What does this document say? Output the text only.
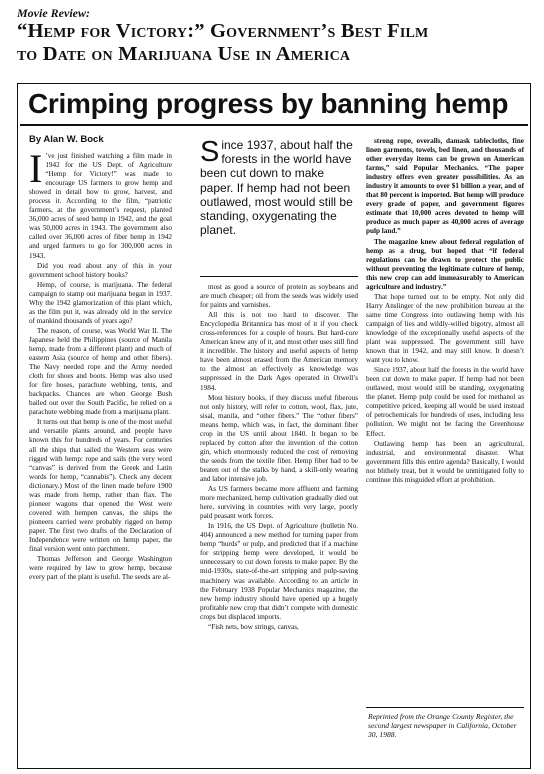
Movie Review:
“Hemp for Victory:” Government’s Best Film
to Date on Marijuana Use in America
Crimping progress by banning hemp
By Alan W. Bock

I ’ve just finished watching a film made in 1942 for the US Dept. of Agriculture “Hemp for Victory!” was made to encourage US farmers to grow hemp and showed in detail how to grow, harvest, and process it. According to the film, “patriotic farmers, at the government’s request, planted 36,000 acres of seed hemp in 1942, and the goal was 50,000 acres in 1943. The government also called over 36,000 acres of fiber hemp in 1942 and urged farmers to go for 300,000 acres in 1943.

Did you read about any of this in your government school history books?

Hemp, of course, is marijuana. The federal campaign to stamp out marijuana began in 1937. Why the 1942 glamorization of this plant which, as the film put it, was already old in the service of mankind thousands of years ago?

The reason, of course, was World War II. The Japanese held the Philippines (source of Manila hemp, made from a different plant) and much of eastern Asia (source of hemp and other fibers). The Navy needed rope and the Army needed cloth for shoes and boots. Hemp was also used for fire hoses, parachute webbing, tents, and backpacks. Chances are when George Bush bailed out over the South Pacific, he relied on a parachute webbing made from a marijuana plant.

It turns out that hemp is one of the most useful and versatile plants around, and people have known this for hundreds of years. For centuries all the ships that sailed the Western seas were rigged with hemp: rope and sails (the very word “canvas” is derived from the Greek and Latin words for hemp, “cannabis”). Check any decent dictionary.) Most of the linen made before 1900 was made from hemp, rather than flax. The pioneer wagons that opened the West were covered with hempen canvas, the ships the pioneers carried were probably rigged on hemp paper. The first two drafts of the Declaration of Independence were written on hemp paper, the final version went onto parchment.

Thomas Jefferson and George Washington were required by law to grow hemp, because every part of the plant is useful. The seeds are al-

Since 1937, about half the forests in the world have been cut down to make paper. If hemp had not been outlawed, most would still be standing, oxygenating the planet.

most as good a source of protein as soybeans and are much cheaper; oil from the seeds was widely used for paints and varnishes.

All this is not too hard to discover. The Encyclopedia Britannica has most of it if you check cross-references for a couple of hours. But hard-core American knew any of it, and most other uses still find it incredible. The history and useful aspects of hemp have been almost erased from the American memory to the almost an effectively as knowledge was suppressed in the Dark Ages operated in Orwell’s 1984.

Most history books, if they discuss useful fiberous not only history, will refer to cotton, wool, flax, jute, sisal, manila, and “other fibers.” The “other fibers” means hemp, which was, in fact, the dominant fiber crop in the US until about 1840. It began to be replaced by cotton after the invention of the cotton gin, which enormously reduced the cost of removing the seeds from the textile fiber. Hemp fiber had to be beaten out of the stalks by hand, a skill-only wearing and labor intensive job.

As US farmers became more affluent and farming more mechanized, hemp cultivation gradually died out here, surviving in countries with very large, poorly paid peasant work forces.

In 1916, the US Dept. of Agriculture (bulletin No. 404) announced a new method for turning paper from hemp “hurds” or pulp, and predicted that if a machine for stripping hemp were developed, it would be unnecessary to cut down forests to make paper. By the mid-1930s, state-of-the-art stripping and pulp-saving machinery was available. According to an article in the February 1938 Popular Mechanics magazine, the new hemp industry should have opened up a hugely profitable new crop that didn’t compete with domestic crops but displaced imports.

“Fish nets, bow strings, canvas,

strong rope, overalls, damask tablecloths, fine linen garments, towels, bed linen, and thousands of other everyday items can be grown on American farms,” said Popular Mechanics. “The paper industry offers even greater possibilities. As an industry it amounts to over $1 billion a year, and of that 80 percent is imported. But hemp will produce every grade of paper, and government figures estimate that 10,000 acres devoted to hemp will produce as much paper as 40,000 acres of average pulp land.”

The magazine knew about federal regulation of hemp as a drug, but hoped that “if federal regulations can be drawn to protect the public without preventing the legitimate culture of hemp, this new crop can add immeasurably to American agriculture and industry.”

That hope turned out to be empty. Not only did Harry Anslinger of the new prohibition bureau at the same time Congress into outlawing hemp with his campaign of lies and wildly-willed bigotry, almost all knowledge of the exceptionally useful aspects of the plant was suppressed. The government still have known that in 1942, and may still know. It doesn’t want you to know.

Since 1937, about half the forests in the world have been cut down to make paper. If hemp had not been outlawed, most would still be standing, oxygenating the planet. Hemp pulp could be used for methanol as competitive priced, keeping all would be used instead of petrochemicals for hundreds of uses, including less pollution. We might not be facing the Greenhouse Effect.

Outlawing hemp has been an agricultural, industrial, and environmental disaster. What government fills this entire agenda? Basically, I would not blithely treat, but it would be unmitigated folly to continue this misguided effort at prohibition.

Reprinted from the Orange County Register, the second largest newspaper in California, October 30, 1988.
